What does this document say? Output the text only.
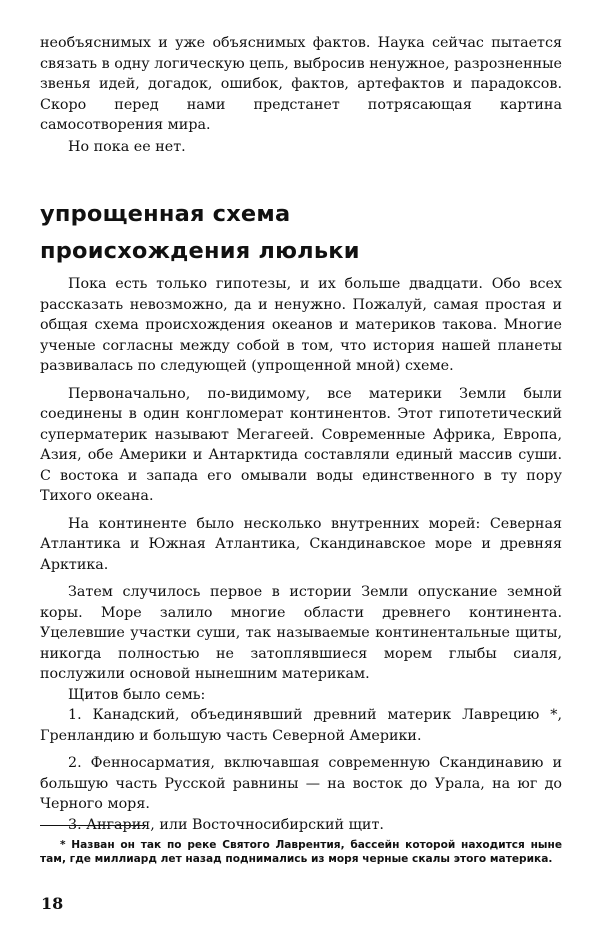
необъяснимых и уже объяснимых фактов. Наука сейчас пытается связать в одну логическую цепь, выбросив ненужное, разрозненные звенья идей, догадок, ошибок, фактов, артефактов и парадоксов. Скоро перед нами предстанет потрясающая картина самосотворения мира.

Но пока ее нет.

упрощенная схема
происхождения люльки

Пока есть только гипотезы, и их больше двадцати. Обо всех рассказать невозможно, да и ненужно. Пожалуй, самая простая и общая схема происхождения океанов и материков такова. Многие ученые согласны между собой в том, что история нашей планеты развивалась по следующей (упрощенной мной) схеме.

Первоначально, по-видимому, все материки Земли были соединены в один конгломерат континентов. Этот гипотетический суперматерик называют Мегагеей. Современные Африка, Европа, Азия, обе Америки и Антарктида составляли единый массив суши. С востока и запада его омывали воды единственного в ту пору Тихого океана.

На континенте было несколько внутренних морей: Северная Атлантика и Южная Атлантика, Скандинавское море и древняя Арктика.

Затем случилось первое в истории Земли опускание земной коры. Море залило многие области древнего континента. Уцелевшие участки суши, так называемые континентальные щиты, никогда полностью не затоплявшиеся морем глыбы сиаля, послужили основой нынешним материкам.

Щитов было семь:

1. Канадский, объединявший древний материк Лаврецию *, Гренландию и большую часть Северной Америки.

2. Фенносарматия, включавшая современную Скандинавию и большую часть Русской равнины — на восток до Урала, на юг до Черного моря.

3. Ангария, или Восточносибирский щит.

* Назван он так по реке Святого Лаврентия, бассейн которой находится ныне там, где миллиард лет назад поднимались из моря черные скалы этого материка.

18
